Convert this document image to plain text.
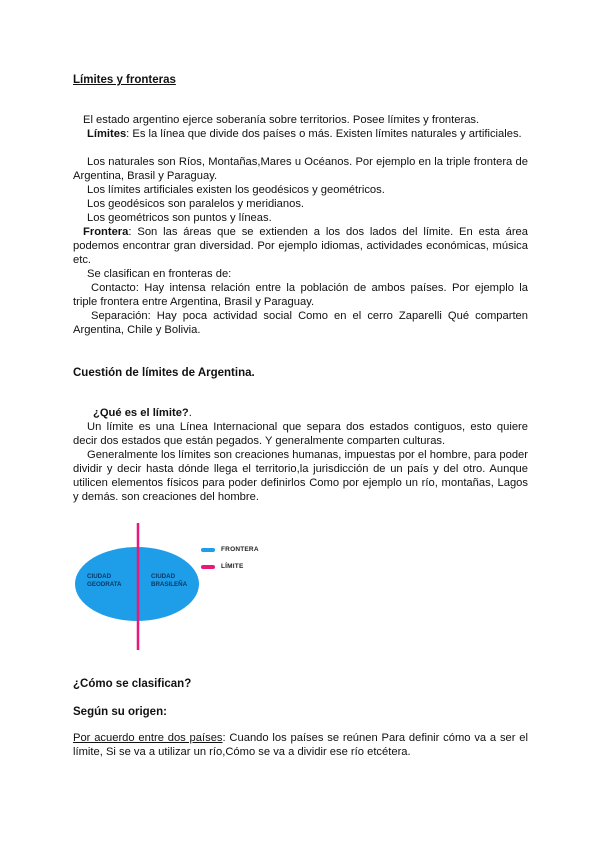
Límites y fronteras
El estado argentino ejerce soberanía sobre territorios. Posee límites y fronteras.
Límites: Es la línea que divide dos países o más. Existen límites naturales y artificiales.
Los naturales son Ríos, Montañas,Mares u Océanos. Por ejemplo en la triple frontera de Argentina, Brasil y Paraguay.
Los límites artificiales existen los geodésicos y geométricos.
Los geodésicos son paralelos y meridianos.
Los geométricos son puntos y líneas.
Frontera: Son las áreas que se extienden a los dos lados del límite. En esta área podemos encontrar gran diversidad. Por ejemplo idiomas, actividades económicas, música etc.
Se clasifican en fronteras de:
Contacto: Hay intensa relación entre la población de ambos países. Por ejemplo la triple frontera entre Argentina, Brasil y Paraguay.
Separación: Hay poca actividad social Como en el cerro Zaparelli Qué comparten Argentina, Chile y Bolivia.
Cuestión de límites de Argentina.
¿Qué es el límite?.
Un límite es una Línea Internacional que separa dos estados contiguos, esto quiere decir dos estados que están pegados. Y generalmente comparten culturas.
Generalmente los límites son creaciones humanas, impuestas por el hombre, para poder dividir y decir hasta dónde llega el territorio,la jurisdicción de un país y del otro. Aunque utilicen elementos físicos para poder definirlos Como por ejemplo un río, montañas, Lagos y demás. son creaciones del hombre.
CIUDAD
GEODRATA
CIUDAD
BRASILEÑA
FRONTERA
LÍMITE
¿Cómo se clasifican?
Según su origen:
Por acuerdo entre dos países: Cuando los países se reúnen Para definir cómo va a ser el límite, Si se va a utilizar un río,Cómo se va a dividir ese río etcétera.
